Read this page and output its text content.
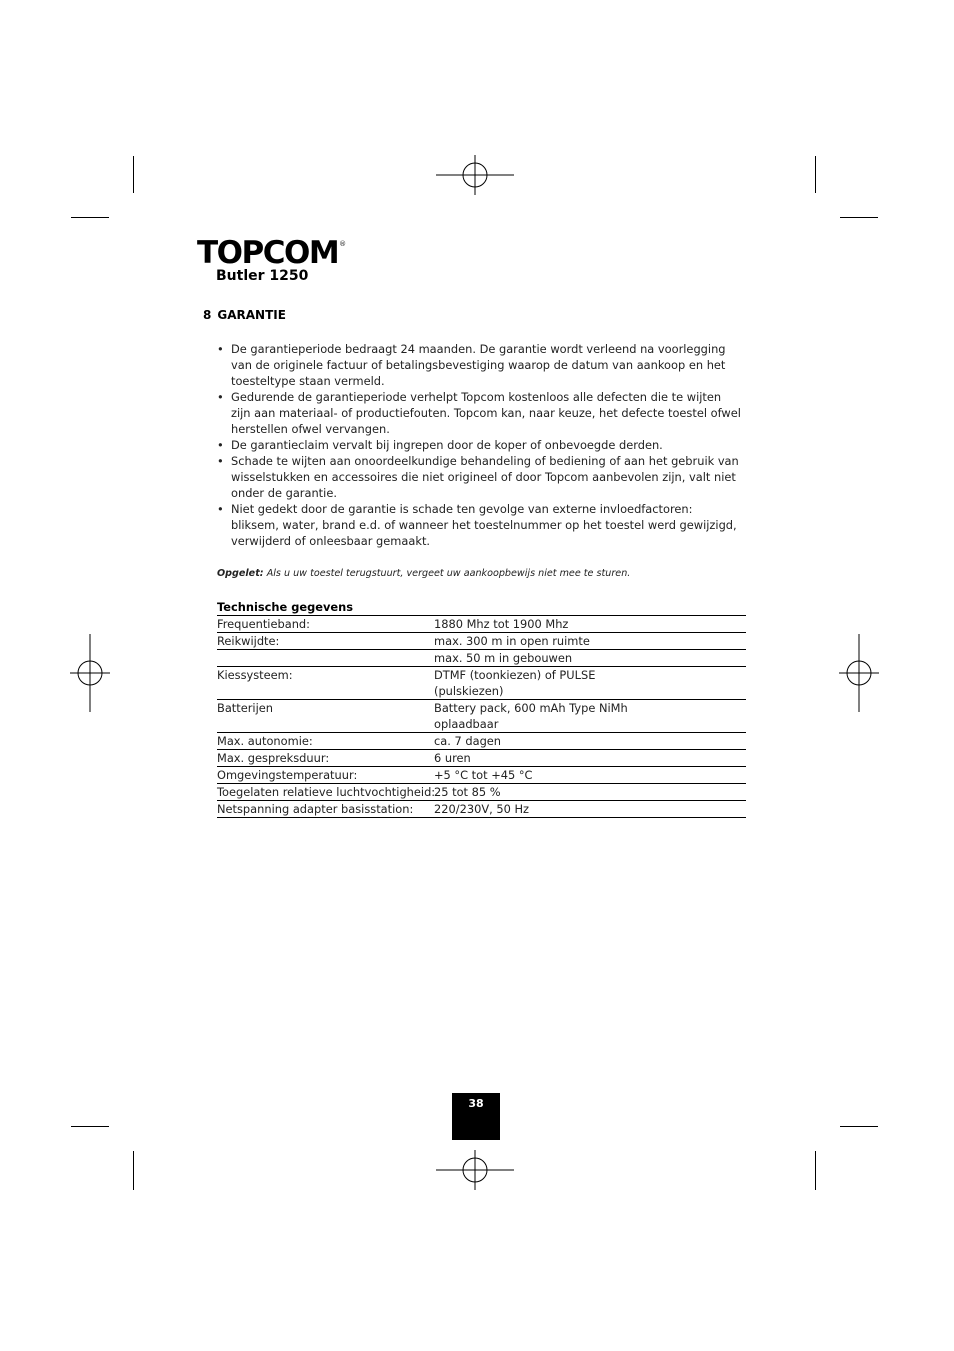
TOPCOM ®
Butler 1250
8 GARANTIE
• De garantieperiode bedraagt 24 maanden. De garantie wordt verleend na voorlegging van de originele factuur of betalingsbevestiging waarop de datum van aankoop en het toesteltype staan vermeld.
• Gedurende de garantieperiode verhelpt Topcom kostenloos alle defecten die te wijten zijn aan materiaal- of productiefouten. Topcom kan, naar keuze, het defecte toestel ofwel herstellen ofwel vervangen.
• De garantieclaim vervalt bij ingrepen door de koper of onbevoegde derden.
• Schade te wijten aan onoordeelkundige behandeling of bediening of aan het gebruik van wisselstukken en accessoires die niet origineel of door Topcom aanbevolen zijn, valt niet onder de garantie.
• Niet gedekt door de garantie is schade ten gevolge van externe invloedfactoren: bliksem, water, brand e.d. of wanneer het toestelnummer op het toestel werd gewijzigd, verwijderd of onleesbaar gemaakt.
Opgelet: Als u uw toestel terugstuurt, vergeet uw aankoopbewijs niet mee te sturen.
Technische gegevens
Frequentieband:	1880 Mhz tot 1900 Mhz
Reikwijdte:	max. 300 m in open ruimte
max. 50 m in gebouwen
Kiessysteem:	DTMF (toonkiezen) of PULSE (pulskiezen)
Batterijen	Battery pack, 600 mAh Type NiMh oplaadbaar
Max. autonomie:	ca. 7 dagen
Max. gespreksduur:	6 uren
Omgevingstemperatuur:	+5 °C tot +45 °C
Toegelaten relatieve luchtvochtigheid:
25 tot 85 %
Netspanning adapter basisstation:	220/230V, 50 Hz
38
